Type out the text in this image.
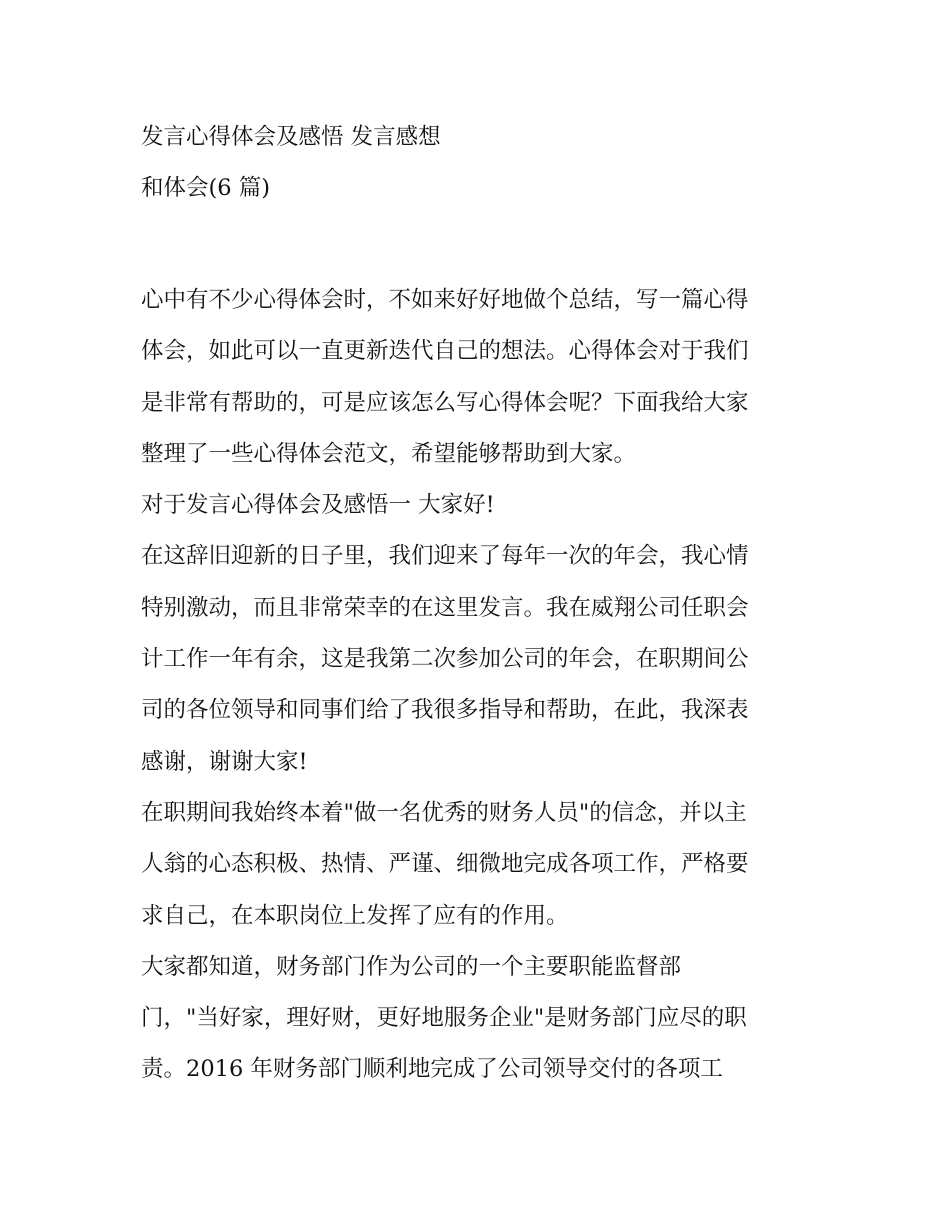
发言心得体会及感悟 发言感想
和体会(6 篇)
心中有不少心得体会时，不如来好好地做个总结，写一篇心得
体会，如此可以一直更新迭代自己的想法。心得体会对于我们
是非常有帮助的，可是应该怎么写心得体会呢？下面我给大家
整理了一些心得体会范文，希望能够帮助到大家。
对于发言心得体会及感悟一 大家好!
在这辞旧迎新的日子里，我们迎来了每年一次的年会，我心情
特别激动，而且非常荣幸的在这里发言。我在威翔公司任职会
计工作一年有余，这是我第二次参加公司的年会，在职期间公
司的各位领导和同事们给了我很多指导和帮助，在此，我深表
感谢，谢谢大家!
在职期间我始终本着"做一名优秀的财务人员"的信念，并以主
人翁的心态积极、热情、严谨、细微地完成各项工作，严格要
求自己，在本职岗位上发挥了应有的作用。
大家都知道，财务部门作为公司的一个主要职能监督部
门，"当好家，理好财，更好地服务企业"是财务部门应尽的职
责。2016 年财务部门顺利地完成了公司领导交付的各项工
